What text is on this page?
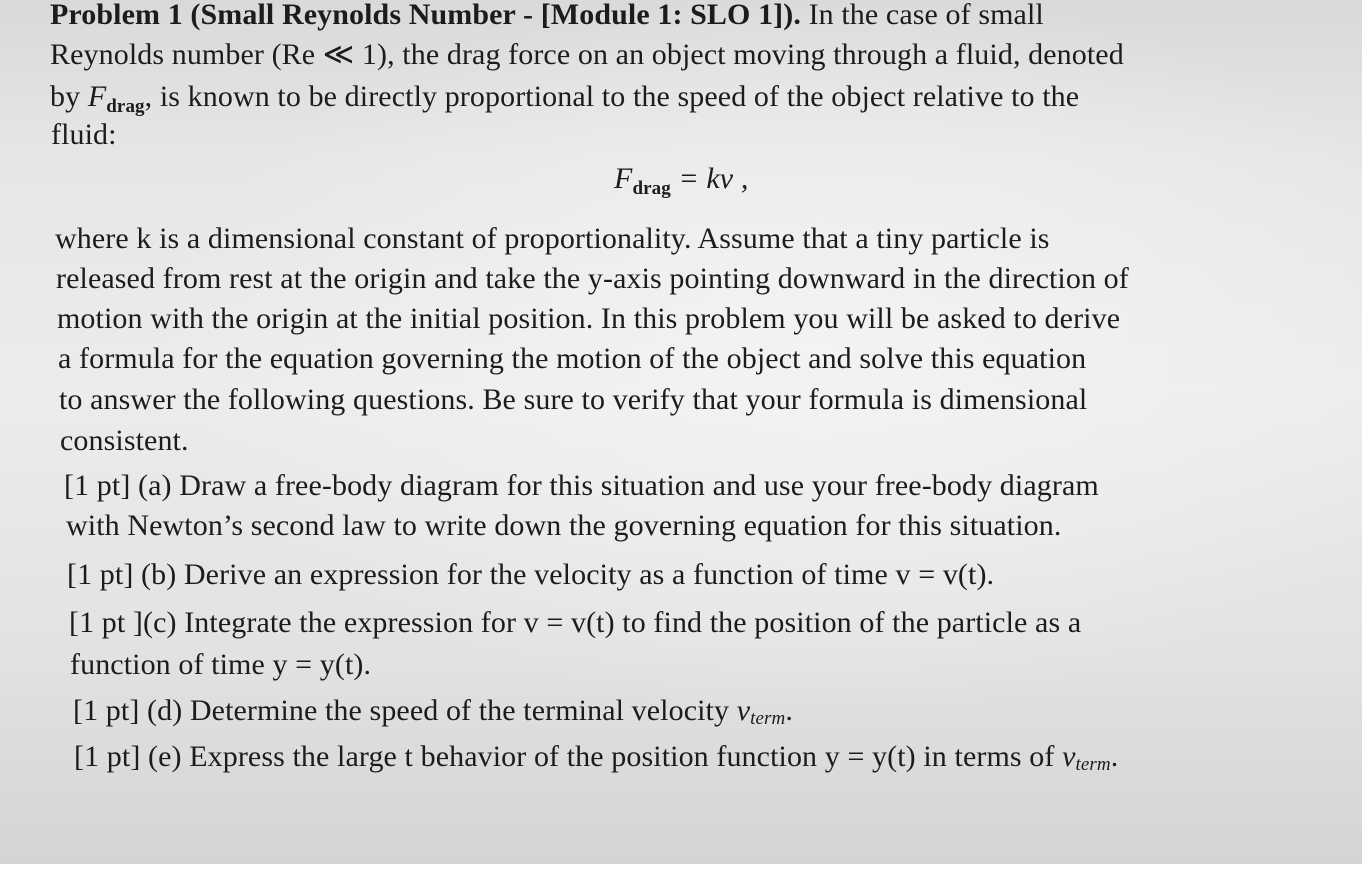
Problem 1 (Small Reynolds Number - [Module 1: SLO 1]). In the case of small
Reynolds number (Re ≪ 1), the drag force on an object moving through a fluid, denoted
by $F_{drag}$, is known to be directly proportional to the speed of the object relative to the
fluid:
$F_{drag}$ = kv ,
where k is a dimensional constant of proportionality. Assume that a tiny particle is
released from rest at the origin and take the y-axis pointing downward in the direction of
motion with the origin at the initial position. In this problem you will be asked to derive
a formula for the equation governing the motion of the object and solve this equation
to answer the following questions. Be sure to verify that your formula is dimensional
consistent.
[1 pt] (a) Draw a free-body diagram for this situation and use your free-body diagram
with Newton’s second law to write down the governing equation for this situation.
[1 pt] (b) Derive an expression for the velocity as a function of time v = v(t).
[1 pt ](c) Integrate the expression for v = v(t) to find the position of the particle as a
function of time y = y(t).
[1 pt] (d) Determine the speed of the terminal velocity vterm.
[1 pt] (e) Express the large t behavior of the position function y = y(t) in terms of vterm.
